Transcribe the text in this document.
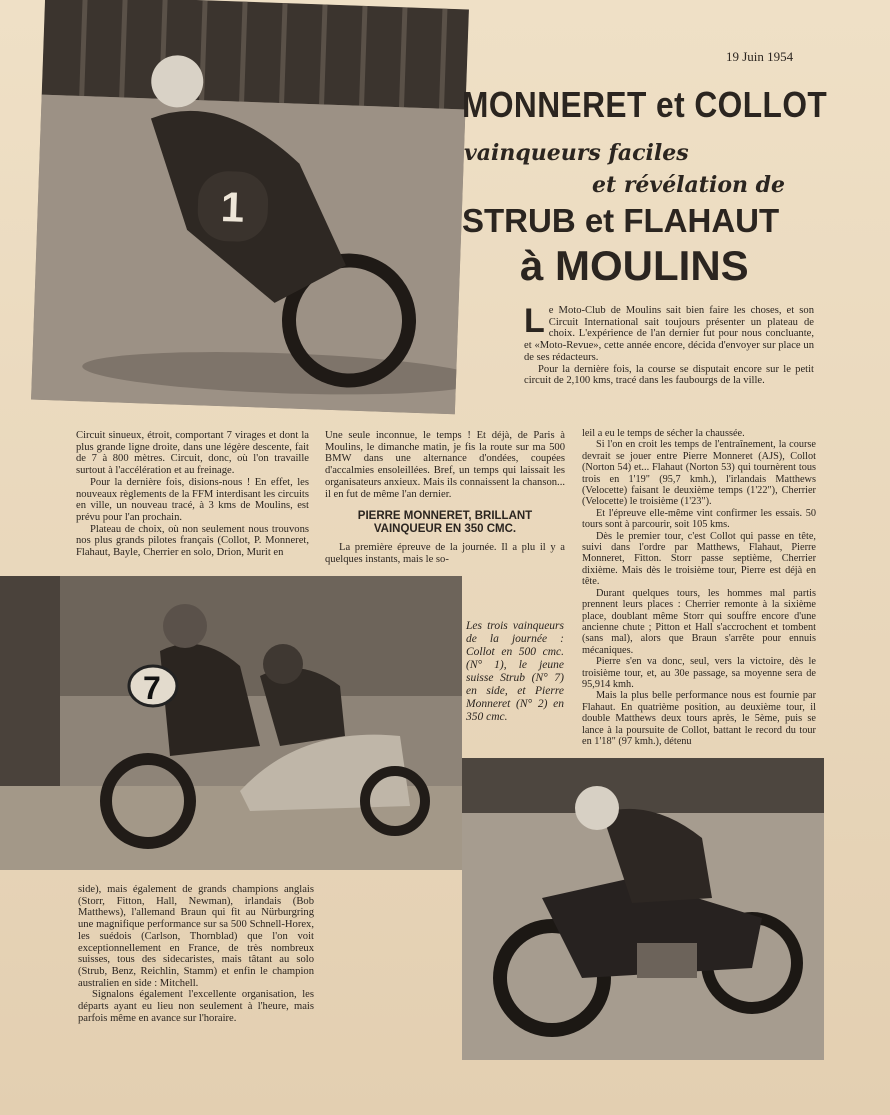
1
19 Juin 1954
MONNERET et COLLOT
vainqueurs faciles
et révélation de
STRUB et FLAHAUT
à MOULINS
L e Moto-Club de Moulins sait bien faire les choses, et son Circuit International sait toujours présenter un plateau de choix. L'expérience de l'an dernier fut pour nous concluante, et «Moto-Revue», cette année encore, décida d'envoyer sur place un de ses rédacteurs.

Pour la dernière fois, la course se disputait encore sur le petit circuit de 2,100 kms, tracé dans les faubourgs de la ville.

Circuit sinueux, étroit, comportant 7 virages et dont la plus grande ligne droite, dans une légère descente, fait de 7 à 800 mètres. Circuit, donc, où l'on travaille surtout à l'accélération et au freinage.

Pour la dernière fois, disions-nous ! En effet, les nouveaux règlements de la FFM interdisant les circuits en ville, un nouveau tracé, à 3 kms de Moulins, est prévu pour l'an prochain.

Plateau de choix, où non seulement nous trouvons nos plus grands pilotes français (Collot, P. Monneret, Flahaut, Bayle, Cherrier en solo, Drion, Murit en

Une seule inconnue, le temps ! Et déjà, de Paris à Moulins, le dimanche matin, je fis la route sur ma 500 BMW dans une alternance d'ondées, coupées d'accalmies ensoleillées. Bref, un temps qui laissait les organisateurs anxieux. Mais ils connaissent la chanson... il en fut de même l'an dernier.

PIERRE MONNERET, BRILLANT VAINQUEUR EN 350 CMC.

La première épreuve de la journée. Il a plu il y a quelques instants, mais le so-

leil a eu le temps de sécher la chaussée.

Si l'on en croit les temps de l'entraînement, la course devrait se jouer entre Pierre Monneret (AJS), Collot (Norton 54) et... Flahaut (Norton 53) qui tournèrent tous trois en 1'19" (95,7 kmh.), l'irlandais Matthews (Velocette) faisant le deuxième temps (1'22"), Cherrier (Velocette) le troisième (1'23").

Et l'épreuve elle-même vint confirmer les essais. 50 tours sont à parcourir, soit 105 kms.

Dès le premier tour, c'est Collot qui passe en tête, suivi dans l'ordre par Matthews, Flahaut, Pierre Monneret, Fitton. Storr passe septième, Cherrier dixième. Mais dès le troisième tour, Pierre est déjà en tête.

Durant quelques tours, les hommes mal partis prennent leurs places : Cherrier remonte à la sixième place, doublant même Storr qui souffre encore d'une ancienne chute ; Pitton et Hall s'accrochent et tombent (sans mal), alors que Braun s'arrête pour ennuis mécaniques.

Pierre s'en va donc, seul, vers la victoire, dès le troisième tour, et, au 30e passage, sa moyenne sera de 95,914 kmh.

Mais la plus belle performance nous est fournie par Flahaut. En quatrième position, au deuxième tour, il double Matthews deux tours après, le 5ème, puis se lance à la poursuite de Collot, battant le record du tour en 1'18" (97 kmh.), détenu

7
Les trois vainqueurs de la journée : Collot en 500 cmc. (N° 1), le jeune suisse Strub (N° 7) en side, et Pierre Monneret (N° 2) en 350 cmc.

side), mais également de grands champions anglais (Storr, Fitton, Hall, Newman), irlandais (Bob Matthews), l'allemand Braun qui fit au Nürburgring une magnifique performance sur sa 500 Schnell-Horex, les suédois (Carlson, Thornblad) que l'on voit exceptionnellement en France, de très nombreux suisses, tous des sidecaristes, mais tâtant au solo (Strub, Benz, Reichlin, Stamm) et enfin le champion australien en side : Mitchell.

Signalons également l'excellente organisation, les départs ayant eu lieu non seulement à l'heure, mais parfois même en avance sur l'horaire.
